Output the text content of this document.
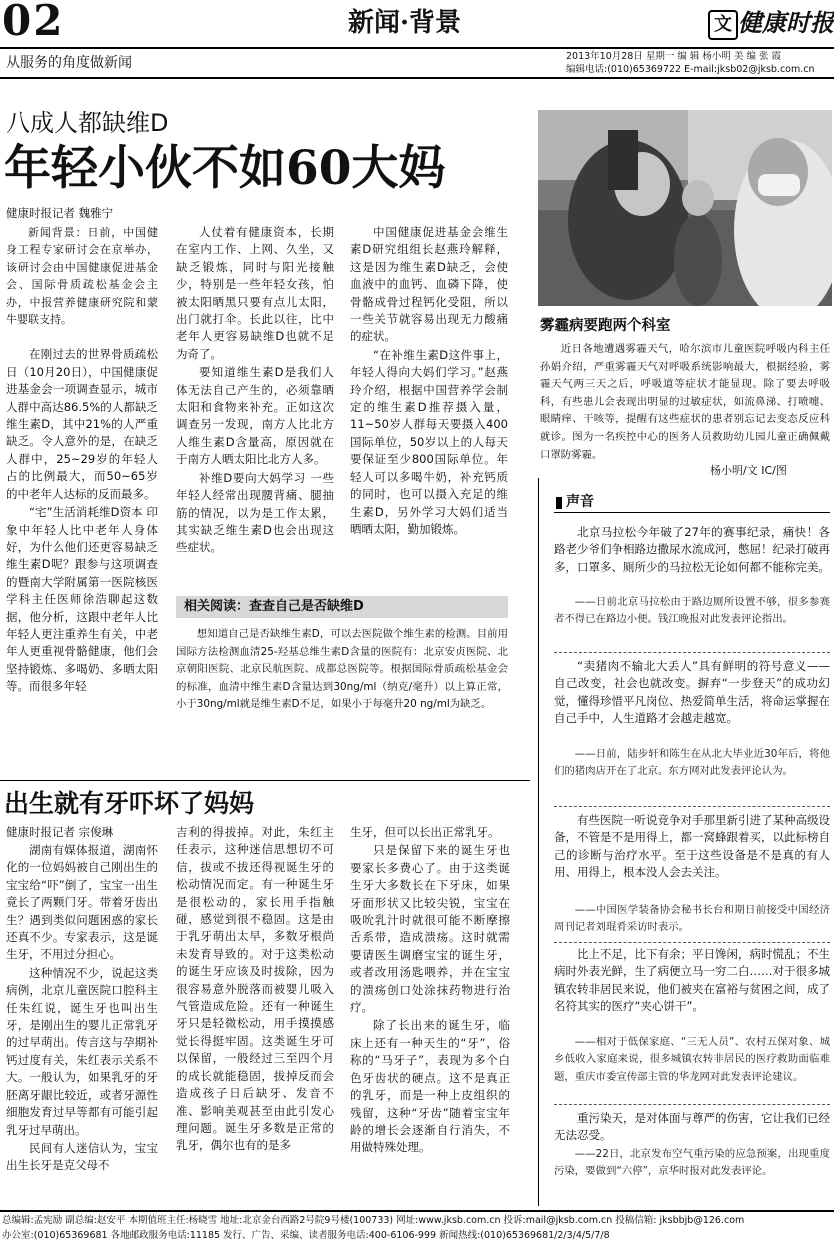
02	新闻·背景	文 健康时报
从服务的角度做新闻	2013年10月28日 星期一 编 辑 杨小明 美 编 张 霞
编辑电话:(010)65369722 E-mail:jksb02@jksb.com.cn
八成人都缺维D
年轻小伙不如60大妈
健康时报记者 魏雅宁

新闻背景：日前，中国健身工程专家研讨会在京举办，该研讨会由中国健康促进基金会、国际骨质疏松基金会主办，中报营养健康研究院和蒙牛婴联支持。

在刚过去的世界骨质疏松日（10月20日），中国健康促进基金会一项调查显示，城市人群中高达86.5%的人都缺乏维生素D，其中21%的人严重缺乏。令人意外的是，在缺乏人群中，25~29岁的年轻人占的比例最大，而50~65岁的中老年人达标的反而最多。

“宅”生活消耗维D资本 印象中年轻人比中老年人身体好，为什么他们还更容易缺乏维生素D呢？跟参与这项调查的暨南大学附属第一医院核医学科主任医师徐浩聊起这数据，他分析，这跟中老年人比年轻人更注重养生有关，中老年人更重视骨骼健康，他们会坚持锻炼、多喝奶、多晒太阳等。而很多年轻

人仗着有健康资本，长期在室内工作、上网、久坐，又缺乏锻炼，同时与阳光接触少，特别是一些年轻女孩，怕被太阳晒黑只要有点儿太阳，出门就打伞。长此以往，比中老年人更容易缺维D也就不足为奇了。

要知道维生素D是我们人体无法自己产生的，必须靠晒太阳和食物来补充。正如这次调查另一发现，南方人比北方人维生素D含量高，原因就在于南方人晒太阳比北方人多。

补维D要向大妈学习 一些年轻人经常出现腰背痛、腿抽筋的情况，以为是工作太累，其实缺乏维生素D也会出现这些症状。

中国健康促进基金会维生素D研究组组长赵燕玲解释，这是因为维生素D缺乏，会使血液中的血钙、血磷下降，使骨骼成骨过程钙化受阻，所以一些关节就容易出现无力酸痛的症状。

“在补维生素D这件事上，年轻人得向大妈们学习。”赵燕玲介绍，根据中国营养学会制定的维生素D推荐摄入量，11~50岁人群每天要摄入400国际单位，50岁以上的人每天要保证至少800国际单位。年轻人可以多喝牛奶，补充钙质的同时，也可以摄入充足的维生素D，另外学习大妈们适当晒晒太阳，勤加锻炼。

相关阅读：查查自己是否缺维D
想知道自己是否缺维生素D，可以去医院做个维生素的检测。目前用国际方法检测血清25-羟基总维生素D含量的医院有：北京安贞医院、北京朝阳医院、北京民航医院、成都总医院等。根据国际骨质疏松基金会的标准，血清中维生素D含量达到30ng/ml（纳克/毫升）以上算正常，小于30ng/ml就是维生素D不足，如果小于每毫升20 ng/ml为缺乏。
雾霾病要跑两个科室
近日各地遭遇雾霾天气，哈尔滨市儿童医院呼吸内科主任孙娟介绍，严重雾霾天气对呼吸系统影响最大，根据经验，雾霾天气两三天之后，呼吸道等症状才能显现。除了要去呼吸科，有些患儿会表现出明显的过敏症状，如流鼻涕、打喷嚏、眼睛痒、干咳等，提醒有这些症状的患者别忘记去变态反应科就诊。图为一名疾控中心的医务人员救助幼儿园儿童正确佩戴口罩防雾霾。
杨小明/文 IC/图
出生就有牙吓坏了妈妈
健康时报记者 宗俊琳

湖南有媒体报道，湖南怀化的一位妈妈被自己刚出生的宝宝给“吓”倒了，宝宝一出生竟长了两颗门牙。带着牙齿出生？遇到类似问题困惑的家长还真不少。专家表示，这是诞生牙，不用过分担心。

这种情况不少，说起这类病例，北京儿童医院口腔科主任朱红说，诞生牙也叫出生牙，是刚出生的婴儿正常乳牙的过早萌出。传言这与孕期补钙过度有关，朱红表示关系不大。一般认为，如果乳牙的牙胚离牙龈比较近，或者牙源性细胞发育过早等都有可能引起乳牙过早萌出。

民间有人迷信认为，宝宝出生长牙是克父母不

吉利的得拔掉。对此，朱红主任表示，这种迷信思想切不可信，拔或不拔还得视诞生牙的松动情况而定。有一种诞生牙是很松动的，家长用手指触碰，感觉到很不稳固。这是由于乳牙萌出太早，多数牙根尚未发育导致的。对于这类松动的诞生牙应该及时拔除，因为很容易意外脱落而被婴儿吸入气管造成危险。还有一种诞生牙只是轻微松动，用手摸摸感觉长得挺牢固。这类诞生牙可以保留，一般经过三至四个月的成长就能稳固，拔掉反而会造成孩子日后缺牙、发音不准、影响美观甚至由此引发心理问题。诞生牙多数是正常的乳牙，偶尔也有的是多

生牙，但可以长出正常乳牙。

只是保留下来的诞生牙也要家长多费心了。由于这类诞生牙大多数长在下牙床，如果牙面形状又比较尖锐，宝宝在吸吮乳汁时就很可能不断摩擦舌系带，造成溃疡。这时就需要请医生调磨宝宝的诞生牙，或者改用汤匙喂养，并在宝宝的溃疡创口处涂抹药物进行治疗。

除了长出来的诞生牙，临床上还有一种天生的“牙”，俗称的“马牙子”，表现为多个白色牙齿状的硬点。这不是真正的乳牙，而是一种上皮组织的残留，这种“牙齿”随着宝宝年龄的增长会逐渐自行消失，不用做特殊处理。

声音

北京马拉松今年破了27年的赛事纪录，痛快！各路老少爷们争相路边撒尿水流成河，憋屈！纪录打破再多，口罩多、厕所少的马拉松无论如何都不能称完美。

——日前北京马拉松由于路边厕所设置不够，很多参赛者不得已在路边小便。钱江晚报对此发表评论指出。

“卖猪肉不输北大丢人”具有鲜明的符号意义——自己改变，社会也就改变。摒弃“一步登天”的成功幻觉，懂得珍惜平凡岗位、热爱简单生活，将命运掌握在自己手中，人生道路才会越走越宽。

——日前，陆步轩和陈生在从北大毕业近30年后，将他们的猪肉店开在了北京。东方网对此发表评论认为。

有些医院一听说竞争对手那里新引进了某种高级设备，不管是不是用得上，都一窝蜂跟着买，以此标榜自己的诊断与治疗水平。至于这些设备是不是真的有人用、用得上，根本没人会去关注。

——中国医学装备协会秘书长台和期日前接受中国经济周刊记者刘琨肴采访时表示。

比上不足，比下有余；平日馋闲，病时慌乱；不生病时外表光鲜，生了病便立马一穷二白……对于很多城镇农转非居民来说，他们被夹在富裕与贫困之间，成了名符其实的医疗“夹心饼干”。

——相对于低保家庭、“三无人员”、农村五保对象、城乡低收入家庭来说，很多城镇农转非居民的医疗救助面临难题，重庆市委宣传部主管的华龙网对此发表评论建议。

重污染天，是对体面与尊严的伤害，它让我们已经无法忍受。

——22日，北京发布空气重污染的应急预案，出现重度污染，要做到“六停”，京华时报对此发表评论。

总编辑:孟宪励 副总编:赵安平 本期值班主任:杨晓雪 地址:北京金台西路2号院9号楼(100733) 网址:www.jksb.com.cn 投诉:mail@jksb.com.cn 投稿信箱: jksbbjb@126.com
办公室:(010)65369681 各地邮政服务电话:11185 发行、广告、采编、读者服务电话:400-6106-999 新闻热线:(010)65369681/2/3/4/5/7/8
